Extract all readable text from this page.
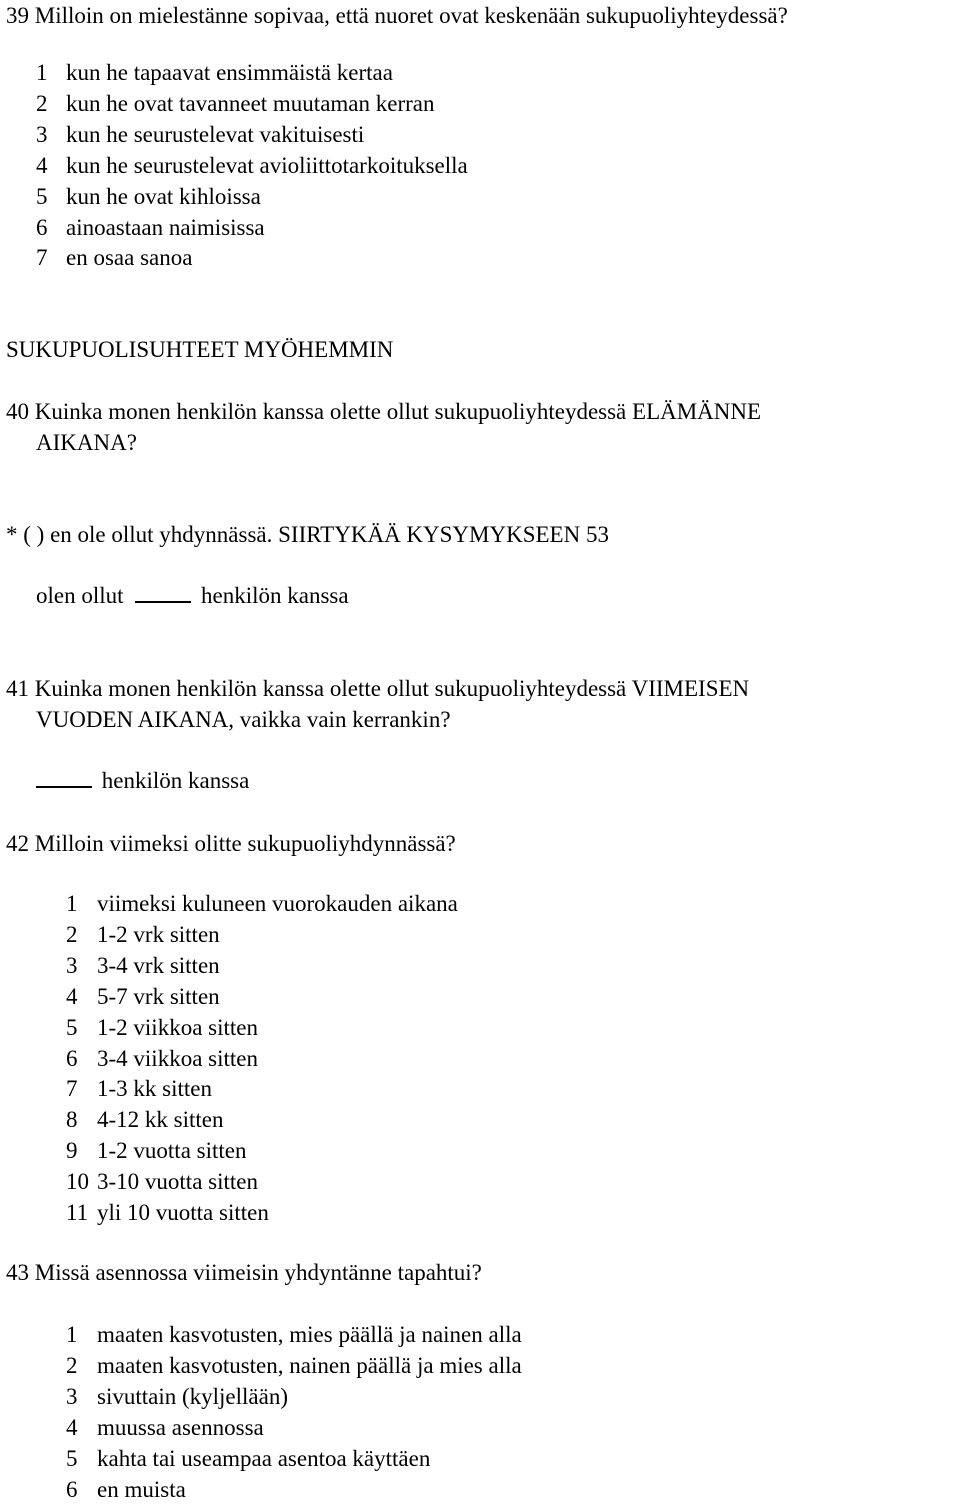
39 Milloin on mielestänne sopivaa, että nuoret ovat keskenään sukupuoliyhteydessä?
1 kun he tapaavat ensimmäistä kertaa
2 kun he ovat tavanneet muutaman kerran
3 kun he seurustelevat vakituisesti
4 kun he seurustelevat avioliittotarkoituksella
5 kun he ovat kihloissa
6 ainoastaan naimisissa
7 en osaa sanoa
SUKUPUOLISUHTEET MYÖHEMMIN
40 Kuinka monen henkilön kanssa olette ollut sukupuoliyhteydessä ELÄMÄNNE
AIKANA?
* ( ) en ole ollut yhdynnässä. SIIRTYKÄÄ KYSYMYKSEEN 53
olen ollut	henkilön kanssa
41 Kuinka monen henkilön kanssa olette ollut sukupuoliyhteydessä VIIMEISEN
VUODEN AIKANA, vaikka vain kerrankin?
henkilön kanssa
42 Milloin viimeksi olitte sukupuoliyhdynnässä?
1 viimeksi kuluneen vuorokauden aikana
2 1-2 vrk sitten
3 3-4 vrk sitten
4 5-7 vrk sitten
5 1-2 viikkoa sitten
6 3-4 viikkoa sitten
7 1-3 kk sitten
8 4-12 kk sitten
9 1-2 vuotta sitten
10 3-10 vuotta sitten
11 yli 10 vuotta sitten
43 Missä asennossa viimeisin yhdyntänne tapahtui?
1 maaten kasvotusten, mies päällä ja nainen alla
2 maaten kasvotusten, nainen päällä ja mies alla
3 sivuttain (kyljellään)
4 muussa asennossa
5 kahta tai useampaa asentoa käyttäen
6 en muista
